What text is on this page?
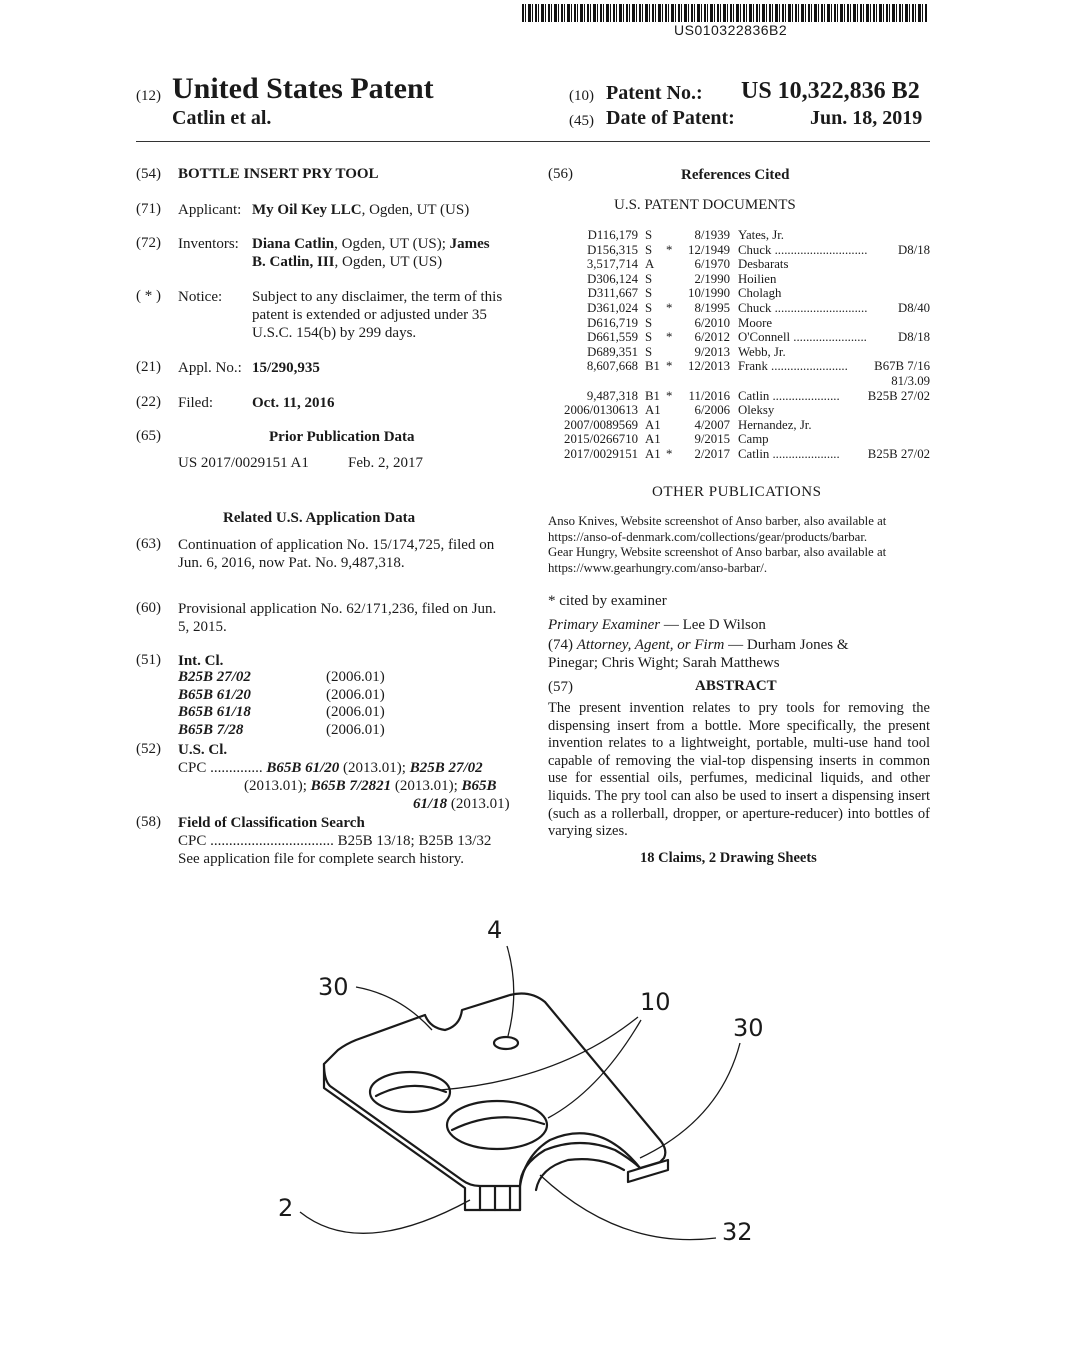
US010322836B2
(12) United States Patent
Catlin et al.
(10) Patent No.: US 10,322,836 B2
(45) Date of Patent:	Jun. 18, 2019
(54) BOTTLE INSERT PRY TOOL
(71) Applicant: My Oil Key LLC, Ogden, UT (US)
(72) Inventors: Diana Catlin, Ogden, UT (US); James
B. Catlin, III, Ogden, UT (US)
( * ) Notice: Subject to any disclaimer, the term of this
patent is extended or adjusted under 35
U.S.C. 154(b) by 299 days.
(21) Appl. No.: 15/290,935
(22) Filed:	Oct. 11, 2016
(65)	Prior Publication Data
US 2017/0029151 A1	Feb. 2, 2017
Related U.S. Application Data
(63) Continuation of application No. 15/174,725, filed on
Jun. 6, 2016, now Pat. No. 9,487,318.
(60) Provisional application No. 62/171,236, filed on Jun.
5, 2015.
(51) Int. Cl.
B25B 27/02	(2006.01)
B65B 61/20	(2006.01)
B65B 61/18	(2006.01)
B65B 7/28	(2006.01)
(52) U.S. Cl.
CPC .............. B65B 61/20 (2013.01); B25B 27/02
(2013.01); B65B 7/2821 (2013.01); B65B
61/18 (2013.01)
(58) Field of Classification Search
CPC ................................. B25B 13/18; B25B 13/32
See application file for complete search history.
(56)	References Cited
U.S. PATENT DOCUMENTS
D116,179 S	8/1939 Yates, Jr.
D156,315 S	*	12/1949 Chuck .............................	D8/18
3,517,714 A	6/1970 Desbarats
D306,124 S	2/1990 Hoilien
D311,667 S	10/1990 Cholagh
D361,024 S	*	8/1995 Chuck .............................	D8/40
D616,719 S	6/2010 Moore
D661,559 S	*	6/2012 O'Connell .......................	D8/18
D689,351 S	9/2013 Webb, Jr.
8,607,668 B1 *	12/2013 Frank ........................	B67B 7/16
81/3.09
9,487,318 B1 *	11/2016 Catlin .....................	B25B 27/02
2006/0130613 A1	6/2006 Oleksy
2007/0089569 A1	4/2007 Hernandez, Jr.
2015/0266710 A1	9/2015 Camp
2017/0029151 A1 *	2/2017 Catlin .....................	B25B 27/02
OTHER PUBLICATIONS
Anso Knives, Website screenshot of Anso barber, also available at
https://anso-of-denmark.com/collections/gear/products/barbar.
Gear Hungry, Website screenshot of Anso barbar, also available at
https://www.gearhungry.com/anso-barbar/.
* cited by examiner
Primary Examiner — Lee D Wilson
(74) Attorney, Agent, or Firm — Durham Jones &
Pinegar; Chris Wight; Sarah Matthews
(57)	ABSTRACT
The present invention relates to pry tools for removing the dispensing insert from a bottle. More specifically, the present invention relates to a lightweight, portable, multi-use hand tool capable of removing the vial-top dispensing inserts in common use for essential oils, perfumes, medicinal liquids, and other liquids. The pry tool can also be used to insert a dispensing insert (such as a rollerball, dropper, or aperture-reducer) into bottles of varying sizes.
18 Claims, 2 Drawing Sheets
4
30
10
30
2
32
